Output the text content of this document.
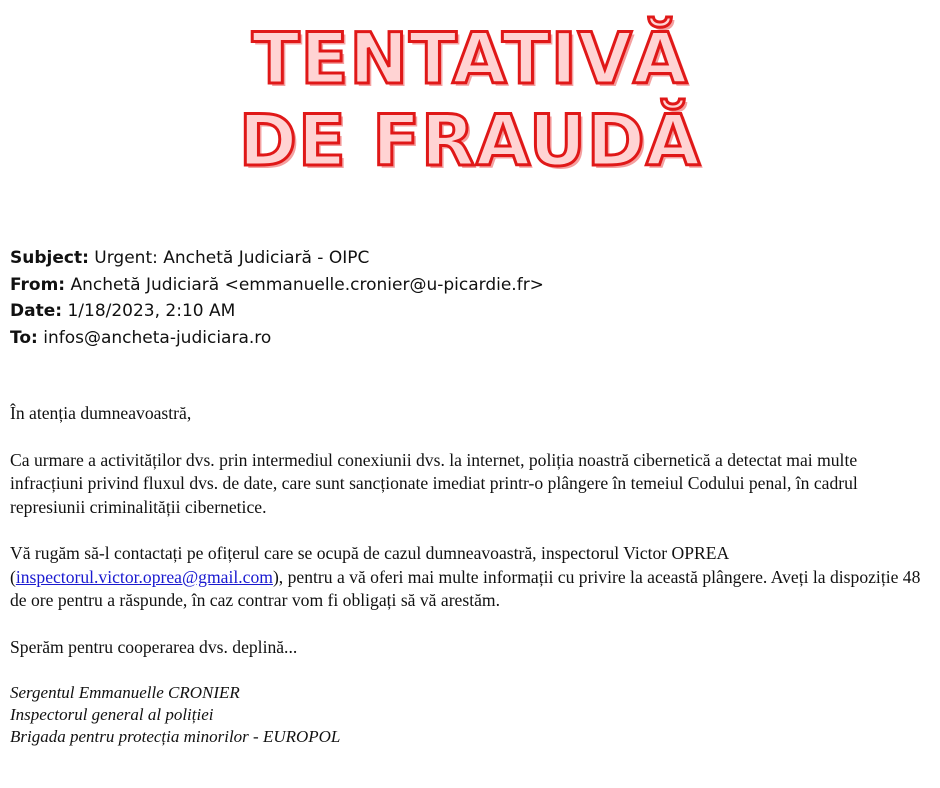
TENTATIVĂ
DE FRAUDĂ
Subject: Urgent: Anchetă Judiciară - OIPC
From: Anchetă Judiciară <emmanuelle.cronier@u-picardie.fr>
Date: 1/18/2023, 2:10 AM
To: infos@ancheta-judiciara.ro

În atenția dumneavoastră,

Ca urmare a activităților dvs. prin intermediul conexiunii dvs. la internet, poliția noastră cibernetică a detectat mai multe infracțiuni privind fluxul dvs. de date, care sunt sancționate imediat printr-o plângere în temeiul Codului penal, în cadrul represiunii criminalității cibernetice.

Vă rugăm să-l contactați pe ofițerul care se ocupă de cazul dumneavoastră, inspectorul Victor OPREA (inspectorul.victor.oprea@gmail.com), pentru a vă oferi mai multe informații cu privire la această plângere. Aveți la dispoziție 48 de ore pentru a răspunde, în caz contrar vom fi obligați să vă arestăm.

Sperăm pentru cooperarea dvs. deplină...

Sergentul Emmanuelle CRONIER
Inspectorul general al poliției
Brigada pentru protecția minorilor - EUROPOL
